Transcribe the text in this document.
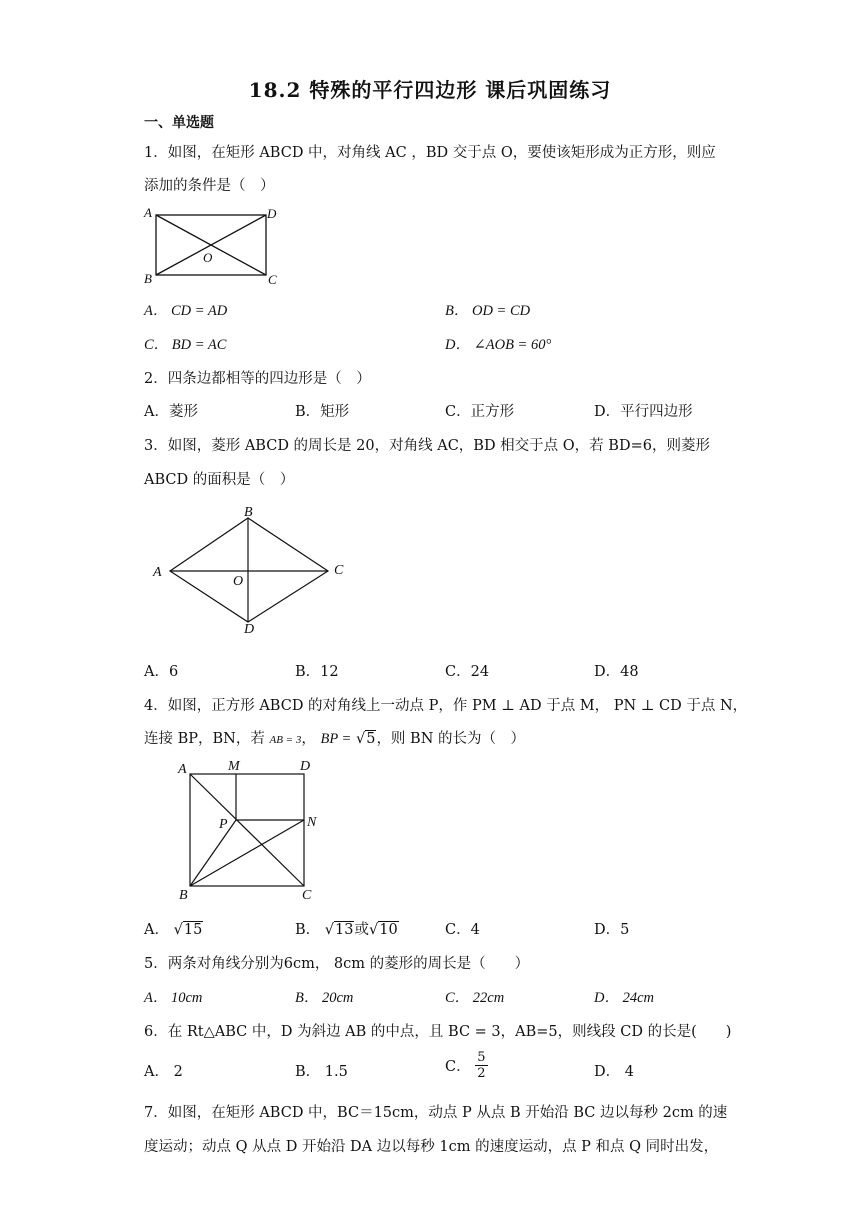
18.2 特殊的平行四边形 课后巩固练习
一、单选题
1．如图，在矩形 ABCD 中，对角线 AC ，BD 交于点 O，要使该矩形成为正方形，则应
添加的条件是（　）
A	D
B	C
O
A． CD = AD	B． OD = CD
C． BD = AC	D． ∠AOB = 60°
2．四条边都相等的四边形是（　）
A．菱形	B．矩形	C．正方形	D．平行四边形
3．如图，菱形 ABCD 的周长是 20，对角线 AC，BD 相交于点 O，若 BD=6，则菱形
ABCD 的面积是（　）
A
B
C
D
O
A．6	B．12	C．24	D．48
4．如图，正方形 ABCD 的对角线上一动点 P，作 PM ⊥ AD 于点 M， PN ⊥ CD 于点 N，
连接 BP，BN，若 AB = 3， BP = √5，则 BN 的长为（　）
A	M	D
P	N
B	C
A． √15	B． √13或√10	C．4	D．5
5．两条对角线分别为6cm， 8cm 的菱形的周长是（　　）
A． 10cm	B． 20cm	C． 22cm	D． 24cm
6．在 Rt△ABC 中，D 为斜边 AB 的中点，且 BC = 3，AB=5，则线段 CD 的长是(　　)
A． 2	B． 1.5	C． $\frac{5}{2}$	D． 4
7．如图，在矩形 ABCD 中，BC＝15cm，动点 P 从点 B 开始沿 BC 边以每秒 2cm 的速
度运动；动点 Q 从点 D 开始沿 DA 边以每秒 1cm 的速度运动，点 P 和点 Q 同时出发，
